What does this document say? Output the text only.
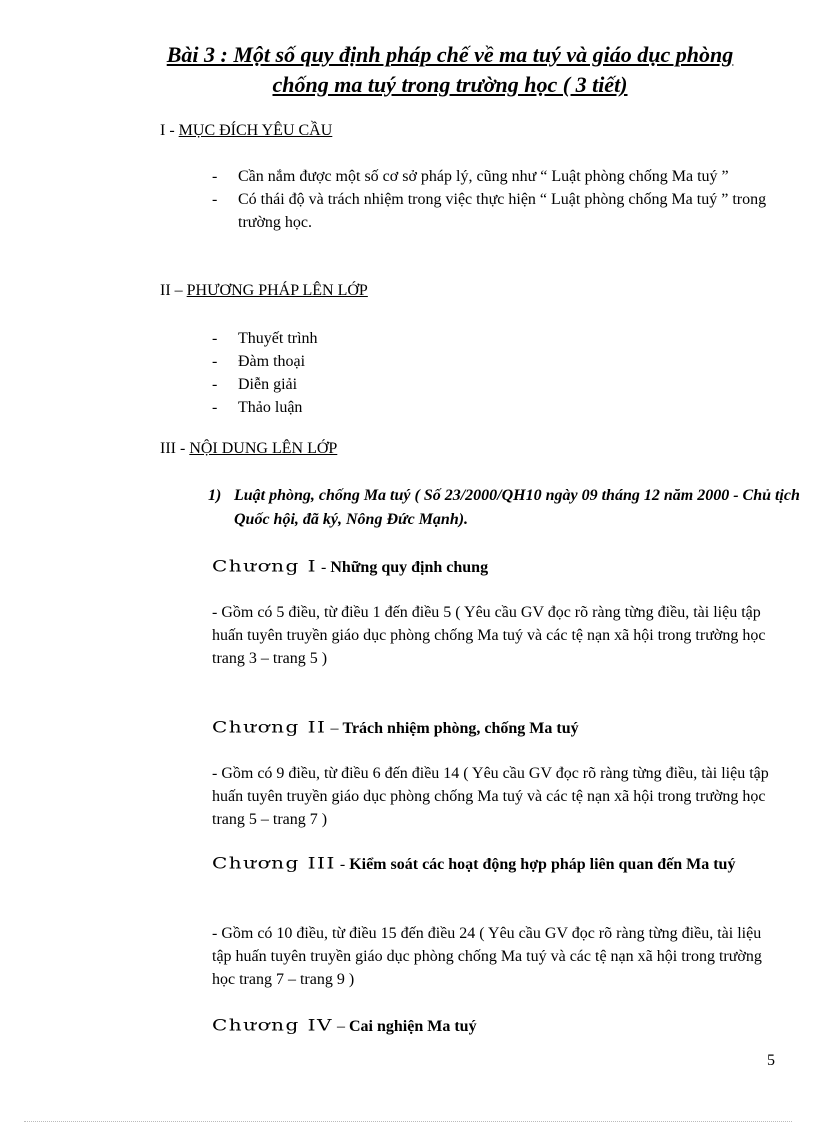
Bài 3 : Một số quy định pháp chế về ma tuý và giáo dục phòng
chống ma tuý trong trường học ( 3 tiết)
I - MỤC ĐÍCH YÊU CẦU
- Cần nắm được một số cơ sở pháp lý, cũng như “ Luật phòng chống Ma tuý ”
- Có thái độ và trách nhiệm trong việc thực hiện “ Luật phòng chống Ma tuý ” trong trường học.
II – PHƯƠNG PHÁP LÊN LỚP
- Thuyết trình
- Đàm thoại
- Diễn giải
- Thảo luận
III - NỘI DUNG LÊN LỚP
1) Luật phòng, chống Ma tuý ( Số 23/2000/QH10 ngày 09 tháng 12 năm 2000 - Chủ tịch Quốc hội, đã ký, Nông Đức Mạnh).
Chương I - Những quy định chung
- Gồm có 5 điều, từ điều 1 đến điều 5 ( Yêu cầu GV đọc rõ ràng từng điều, tài liệu tập huấn tuyên truyền giáo dục phòng chống Ma tuý và các tệ nạn xã hội trong trường học trang 3 – trang 5 )
Chương II – Trách nhiệm phòng, chống Ma tuý
- Gồm có 9 điều, từ điều 6 đến điều 14 ( Yêu cầu GV đọc rõ ràng từng điều, tài liệu tập huấn tuyên truyền giáo dục phòng chống Ma tuý và các tệ nạn xã hội trong trường học trang 5 – trang 7 )
Chương III - Kiểm soát các hoạt động hợp pháp liên quan đến Ma tuý
- Gồm có 10 điều, từ điều 15 đến điều 24 ( Yêu cầu GV đọc rõ ràng từng điều, tài liệu tập huấn tuyên truyền giáo dục phòng chống Ma tuý và các tệ nạn xã hội trong trường học trang 7 – trang 9 )
Chương IV – Cai nghiện Ma tuý
5
